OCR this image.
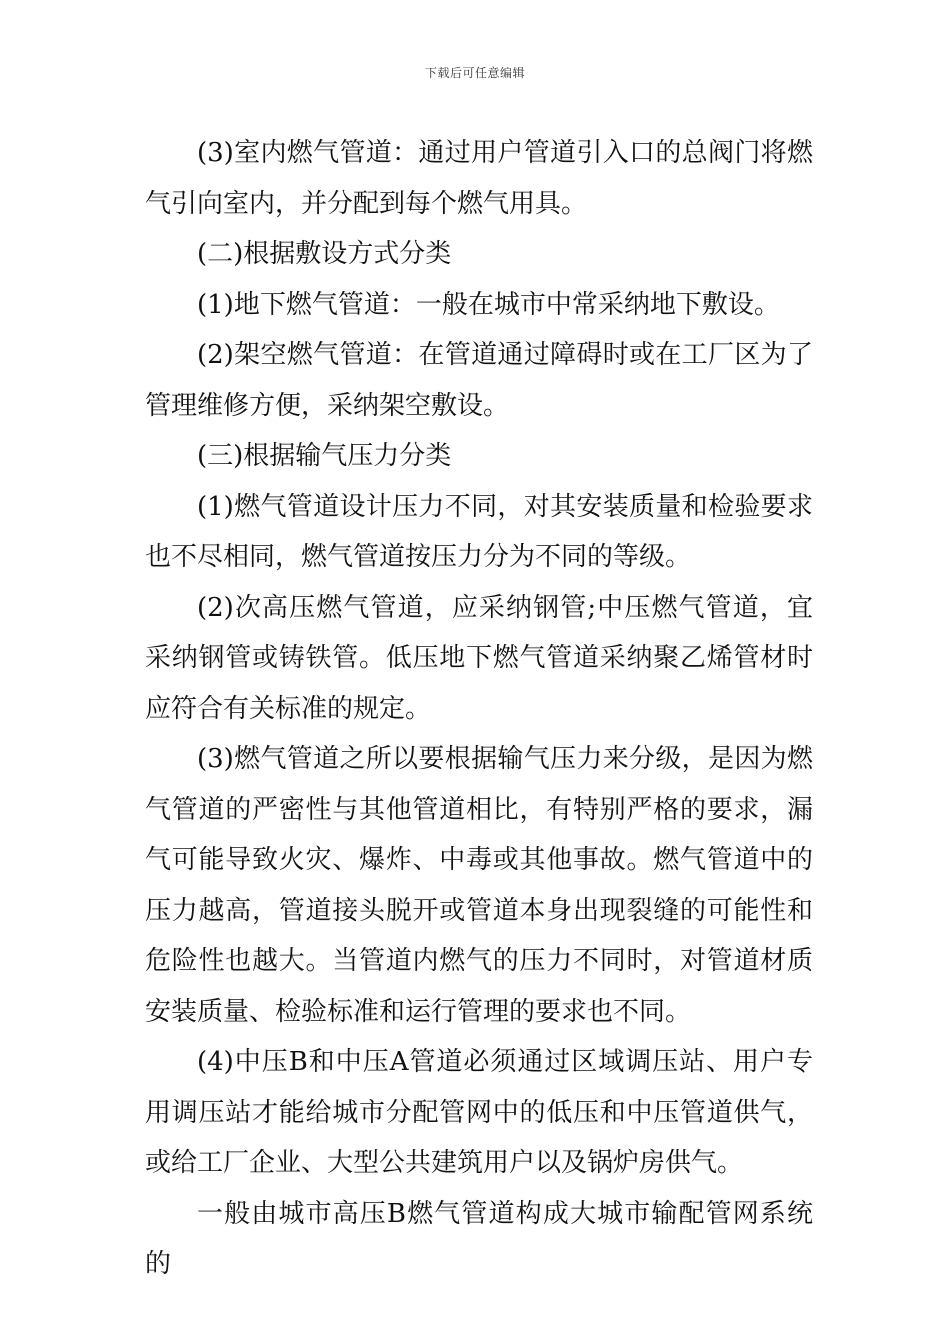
下载后可任意编辑

(3)室内燃气管道：通过用户管道引入口的总阀门将燃气引向室内，并分配到每个燃气用具。

(二)根据敷设方式分类

(1)地下燃气管道：一般在城市中常采纳地下敷设。

(2)架空燃气管道：在管道通过障碍时或在工厂区为了管理维修方便，采纳架空敷设。

(三)根据输气压力分类

(1)燃气管道设计压力不同，对其安装质量和检验要求也不尽相同，燃气管道按压力分为不同的等级。

(2)次高压燃气管道，应采纳钢管;中压燃气管道，宜采纳钢管或铸铁管。低压地下燃气管道采纳聚乙烯管材时应符合有关标准的规定。

(3)燃气管道之所以要根据输气压力来分级，是因为燃气管道的严密性与其他管道相比，有特别严格的要求，漏气可能导致火灾、爆炸、中毒或其他事故。燃气管道中的压力越高，管道接头脱开或管道本身出现裂缝的可能性和危险性也越大。当管道内燃气的压力不同时，对管道材质安装质量、检验标准和运行管理的要求也不同。

(4)中压B和中压A管道必须通过区域调压站、用户专用调压站才能给城市分配管网中的低压和中压管道供气，或给工厂企业、大型公共建筑用户以及锅炉房供气。

一般由城市高压B燃气管道构成大城市输配管网系统的
